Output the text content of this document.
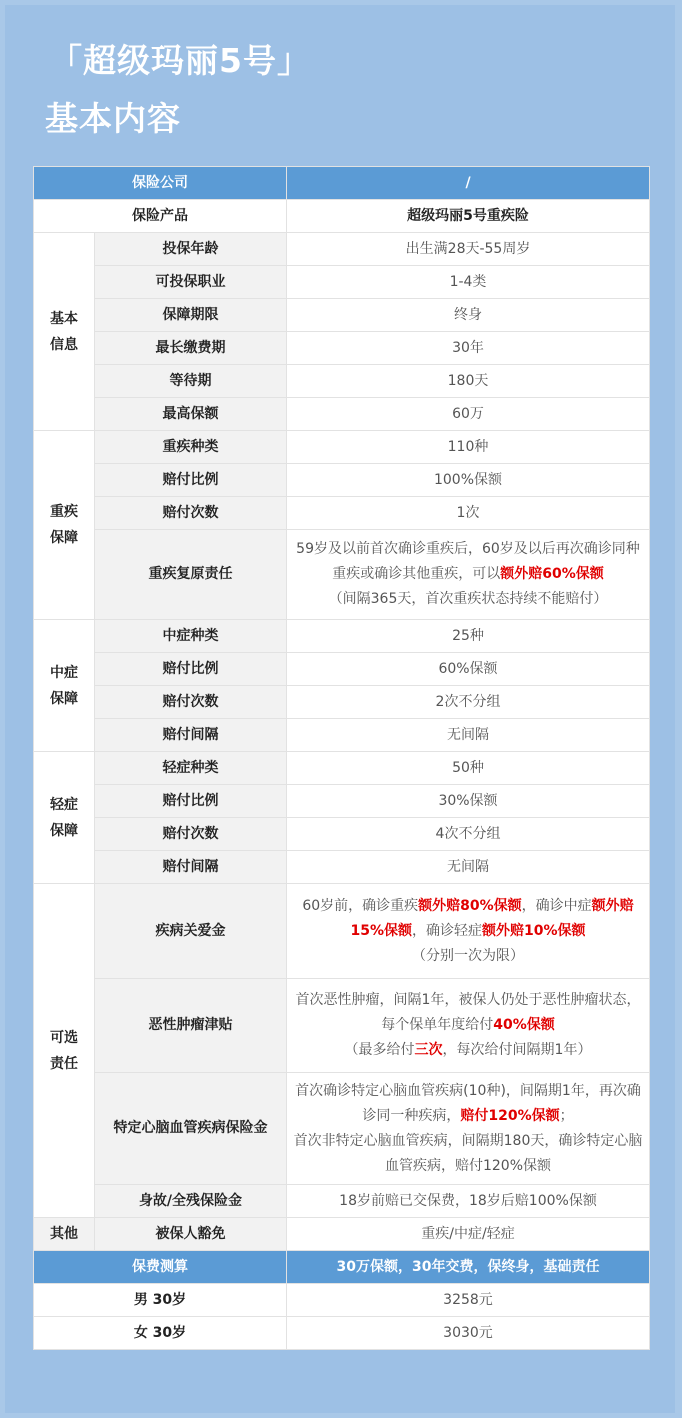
「超级玛丽5号」
基本内容
保险公司		/
保险产品		超级玛丽5号重疾险

基本信息	投保年龄	出生满28天-55周岁
	可投保职业	1-4类
	保障期限	终身
	最长缴费期	30年
	等待期	180天
	最高保额	60万

重疾保障	重疾种类	110种
	赔付比例	100%保额
	赔付次数	1次
	重疾复原责任	59岁及以前首次确诊重疾后，60岁及以后再次确诊同种重疾或确诊其他重疾，可以额外赔60%保额
（间隔365天，首次重疾状态持续不能赔付）

中症保障	中症种类	25种
	赔付比例	60%保额
	赔付次数	2次不分组
	赔付间隔	无间隔

轻症保障	轻症种类	50种
	赔付比例	30%保额
	赔付次数	4次不分组
	赔付间隔	无间隔

可选责任	疾病关爱金	60岁前，确诊重疾额外赔80%保额，确诊中症额外赔15%保额，确诊轻症额外赔10%保额
（分别一次为限）
	恶性肿瘤津贴	首次恶性肿瘤，间隔1年，被保人仍处于恶性肿瘤状态，每个保单年度给付40%保额
（最多给付三次，每次给付间隔期1年）
	特定心脑血管疾病保险金	首次确诊特定心脑血管疾病(10种)，间隔期1年，再次确诊同一种疾病，赔付120%保额；
首次非特定心脑血管疾病，间隔期180天，确诊特定心脑血管疾病，赔付120%保额
	身故/全残保险金	18岁前赔已交保费，18岁后赔100%保额
其他	被保人豁免	重疾/中症/轻症
保费测算		30万保额，30年交费，保终身，基础责任
男 30岁		3258元
女 30岁		3030元
